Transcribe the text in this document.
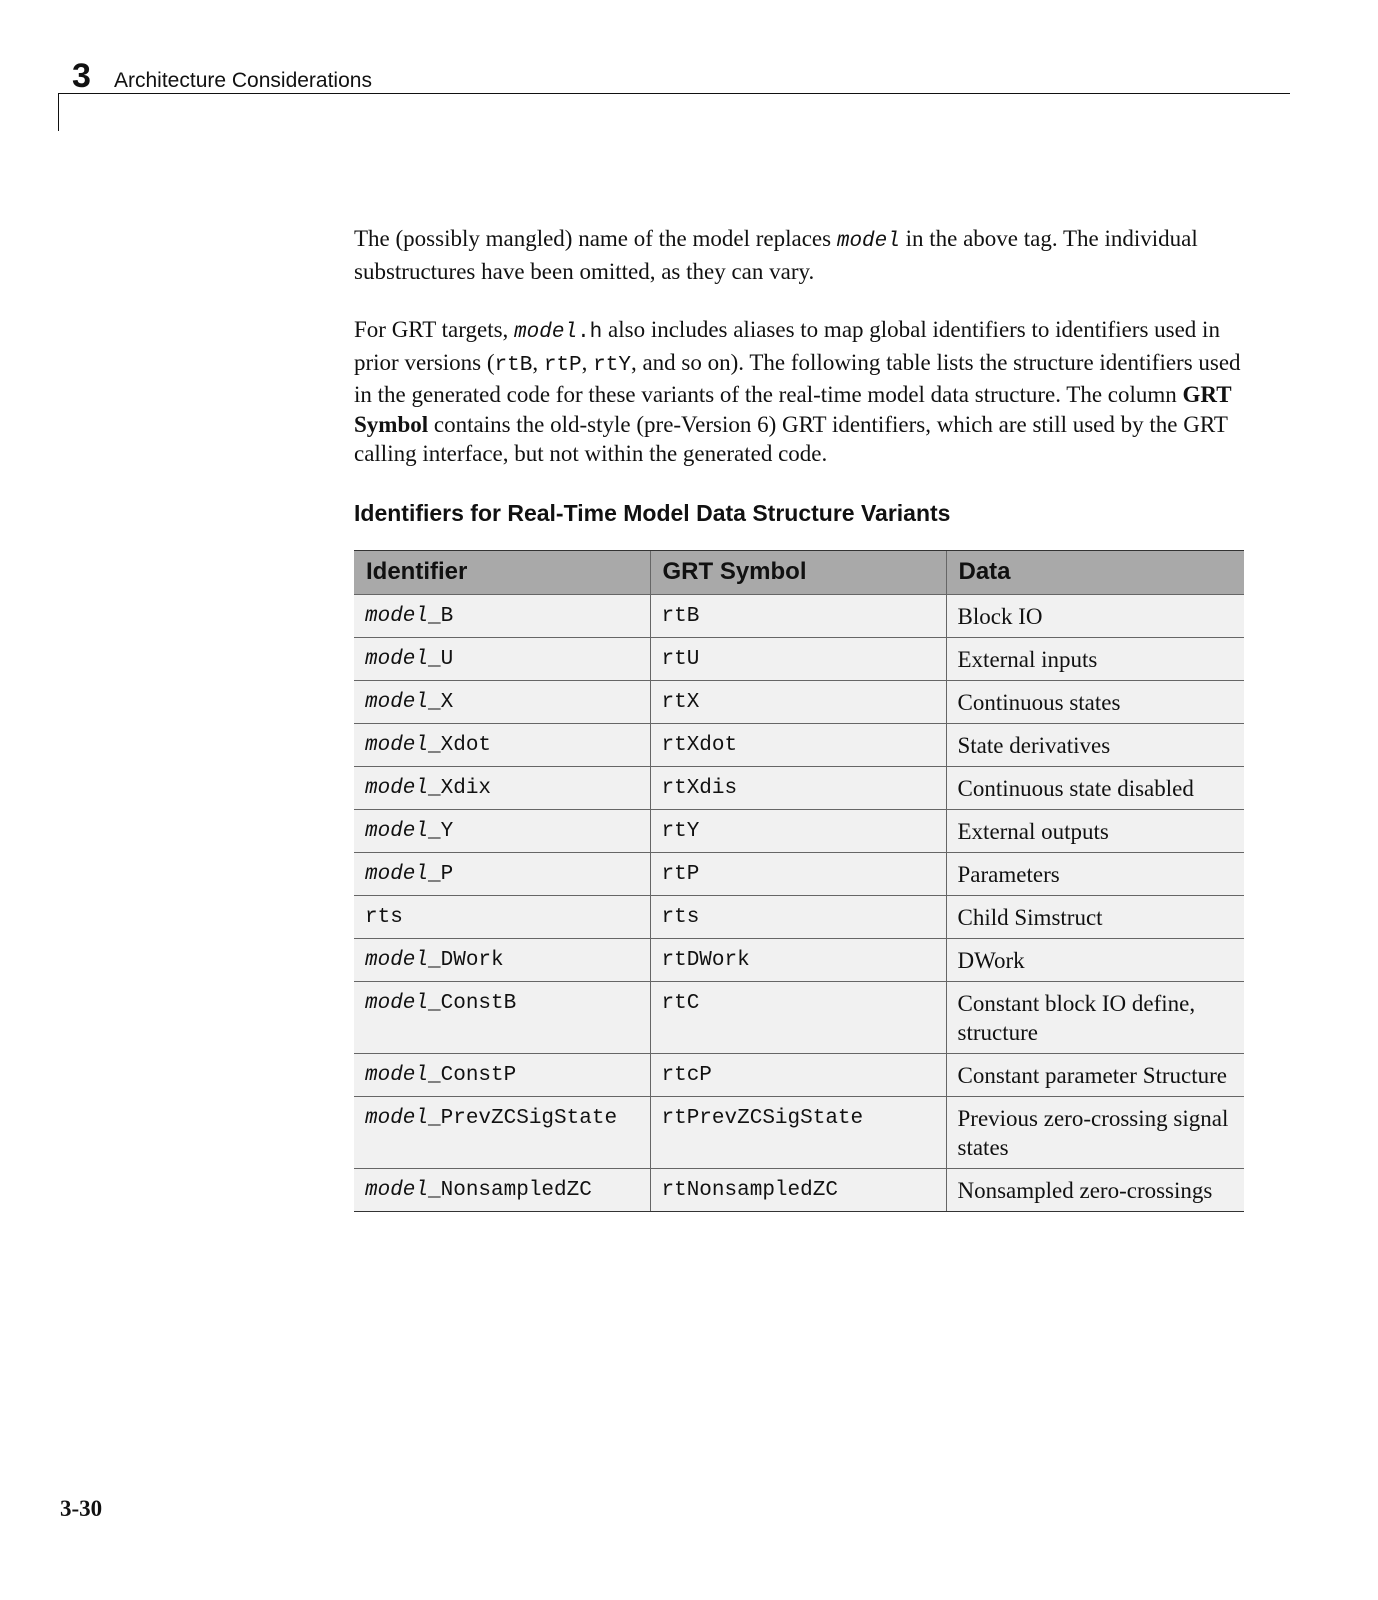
3 Architecture Considerations

The (possibly mangled) name of the model replaces model in the above tag. The individual substructures have been omitted, as they can vary.

For GRT targets, model.h also includes aliases to map global identifiers to identifiers used in prior versions (rtB, rtP, rtY, and so on). The following table lists the structure identifiers used in the generated code for these variants of the real-time model data structure. The column GRT Symbol contains the old-style (pre-Version 6) GRT identifiers, which are still used by the GRT calling interface, but not within the generated code.

Identifiers for Real-Time Model Data Structure Variants
Identifier	GRT Symbol	Data
model_B	rtB	Block IO
model_U	rtU	External inputs
model_X	rtX	Continuous states
model_Xdot	rtXdot	State derivatives
model_Xdix	rtXdis	Continuous state disabled
model_Y	rtY	External outputs
model_P	rtP	Parameters
rts	rts	Child Simstruct
model_DWork	rtDWork	DWork
model_ConstB	rtC	Constant block IO define, structure
model_ConstP	rtcP	Constant parameter Structure
model_PrevZCSigState	rtPrevZCSigState	Previous zero-crossing signal states
model_NonsampledZC	rtNonsampledZC	Nonsampled zero-crossings
3-30
